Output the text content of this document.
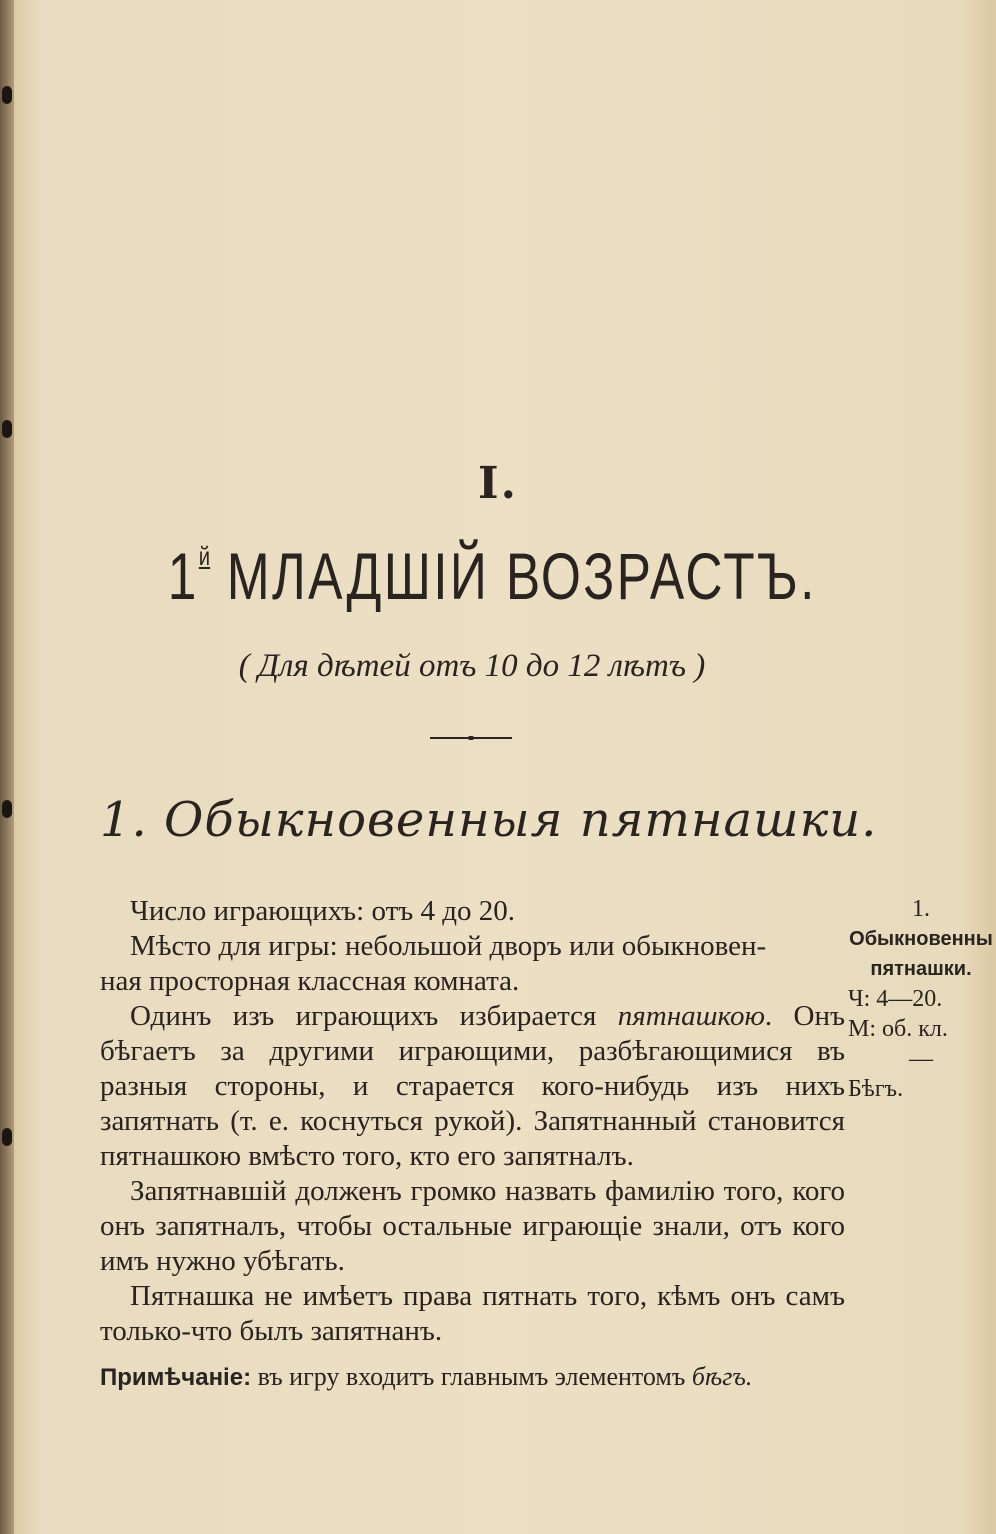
I.
$1^й$ МЛАДШIЙ ВОЗРАСТЪ.
( Для дѣтей отъ 10 до 12 лѣтъ )
1. Обыкновенныя пятнашки.

Число играющихъ: отъ 4 до 20.

Мѣсто для игры: небольшой дворъ или обыкновен-

ная просторная классная комната.

Одинъ изъ играющихъ избирается пятнашкою. Онъ бѣгаетъ за другими играющими, разбѣгающимися въ разныя стороны, и старается кого-нибудь изъ нихъ запятнать (т. е. коснуться рукой). Запятнанный становится пятнашкою вмѣсто того, кто его запятналъ.

Запятнавшiй долженъ громко назвать фамилiю того, кого онъ запятналъ, чтобы остальные играющiе знали, отъ кого имъ нужно убѣгать.

Пятнашка не имѣетъ права пятнать того, кѣмъ онъ самъ только-что былъ запятнанъ.

Примѣчанiе: въ игру входитъ главнымъ элементомъ бѣгъ.

1.
Обыкновенны
пятнашки.
Ч: 4—20.
М: об. кл.
—
Бѣгъ.
